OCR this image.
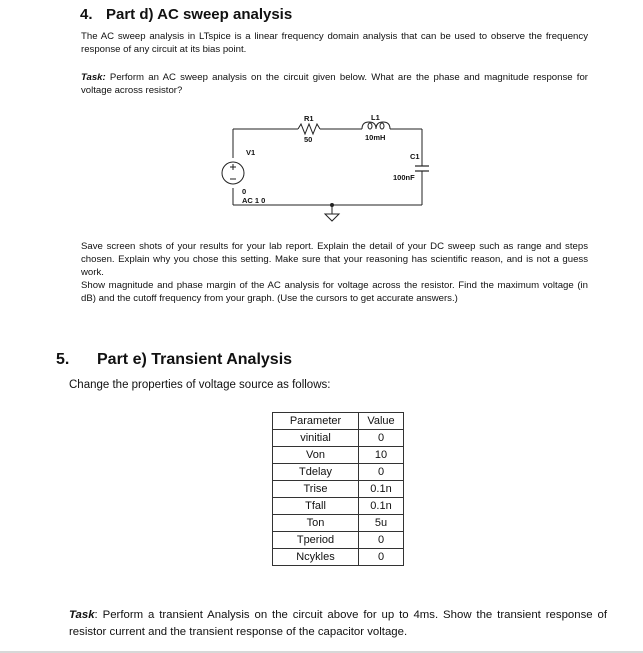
4. Part d) AC sweep analysis
The AC sweep analysis in LTspice is a linear frequency domain analysis that can be used to observe the frequency response of any circuit at its bias point.
Task: Perform an AC sweep analysis on the circuit given below. What are the phase and magnitude response for voltage across resistor?
R1
50
L1
10mH
V1
0
AC 1 0
C1
100nF
Save screen shots of your results for your lab report. Explain the detail of your DC sweep such as range and steps chosen. Explain why you chose this setting. Make sure that your reasoning has scientific reason, and is not a guess work.
Show magnitude and phase margin of the AC analysis for voltage across the resistor. Find the maximum voltage (in dB) and the cutoff frequency from your graph. (Use the cursors to get accurate answers.)
5. Part e) Transient Analysis
Change the properties of voltage source as follows:
Parameter	Value
vinitial	0
Von	10
Tdelay	0
Trise	0.1n
Tfall	0.1n
Ton	5u
Tperiod	0
Ncykles	0
Task: Perform a transient Analysis on the circuit above for up to 4ms. Show the transient response of resistor current and the transient response of the capacitor voltage.
